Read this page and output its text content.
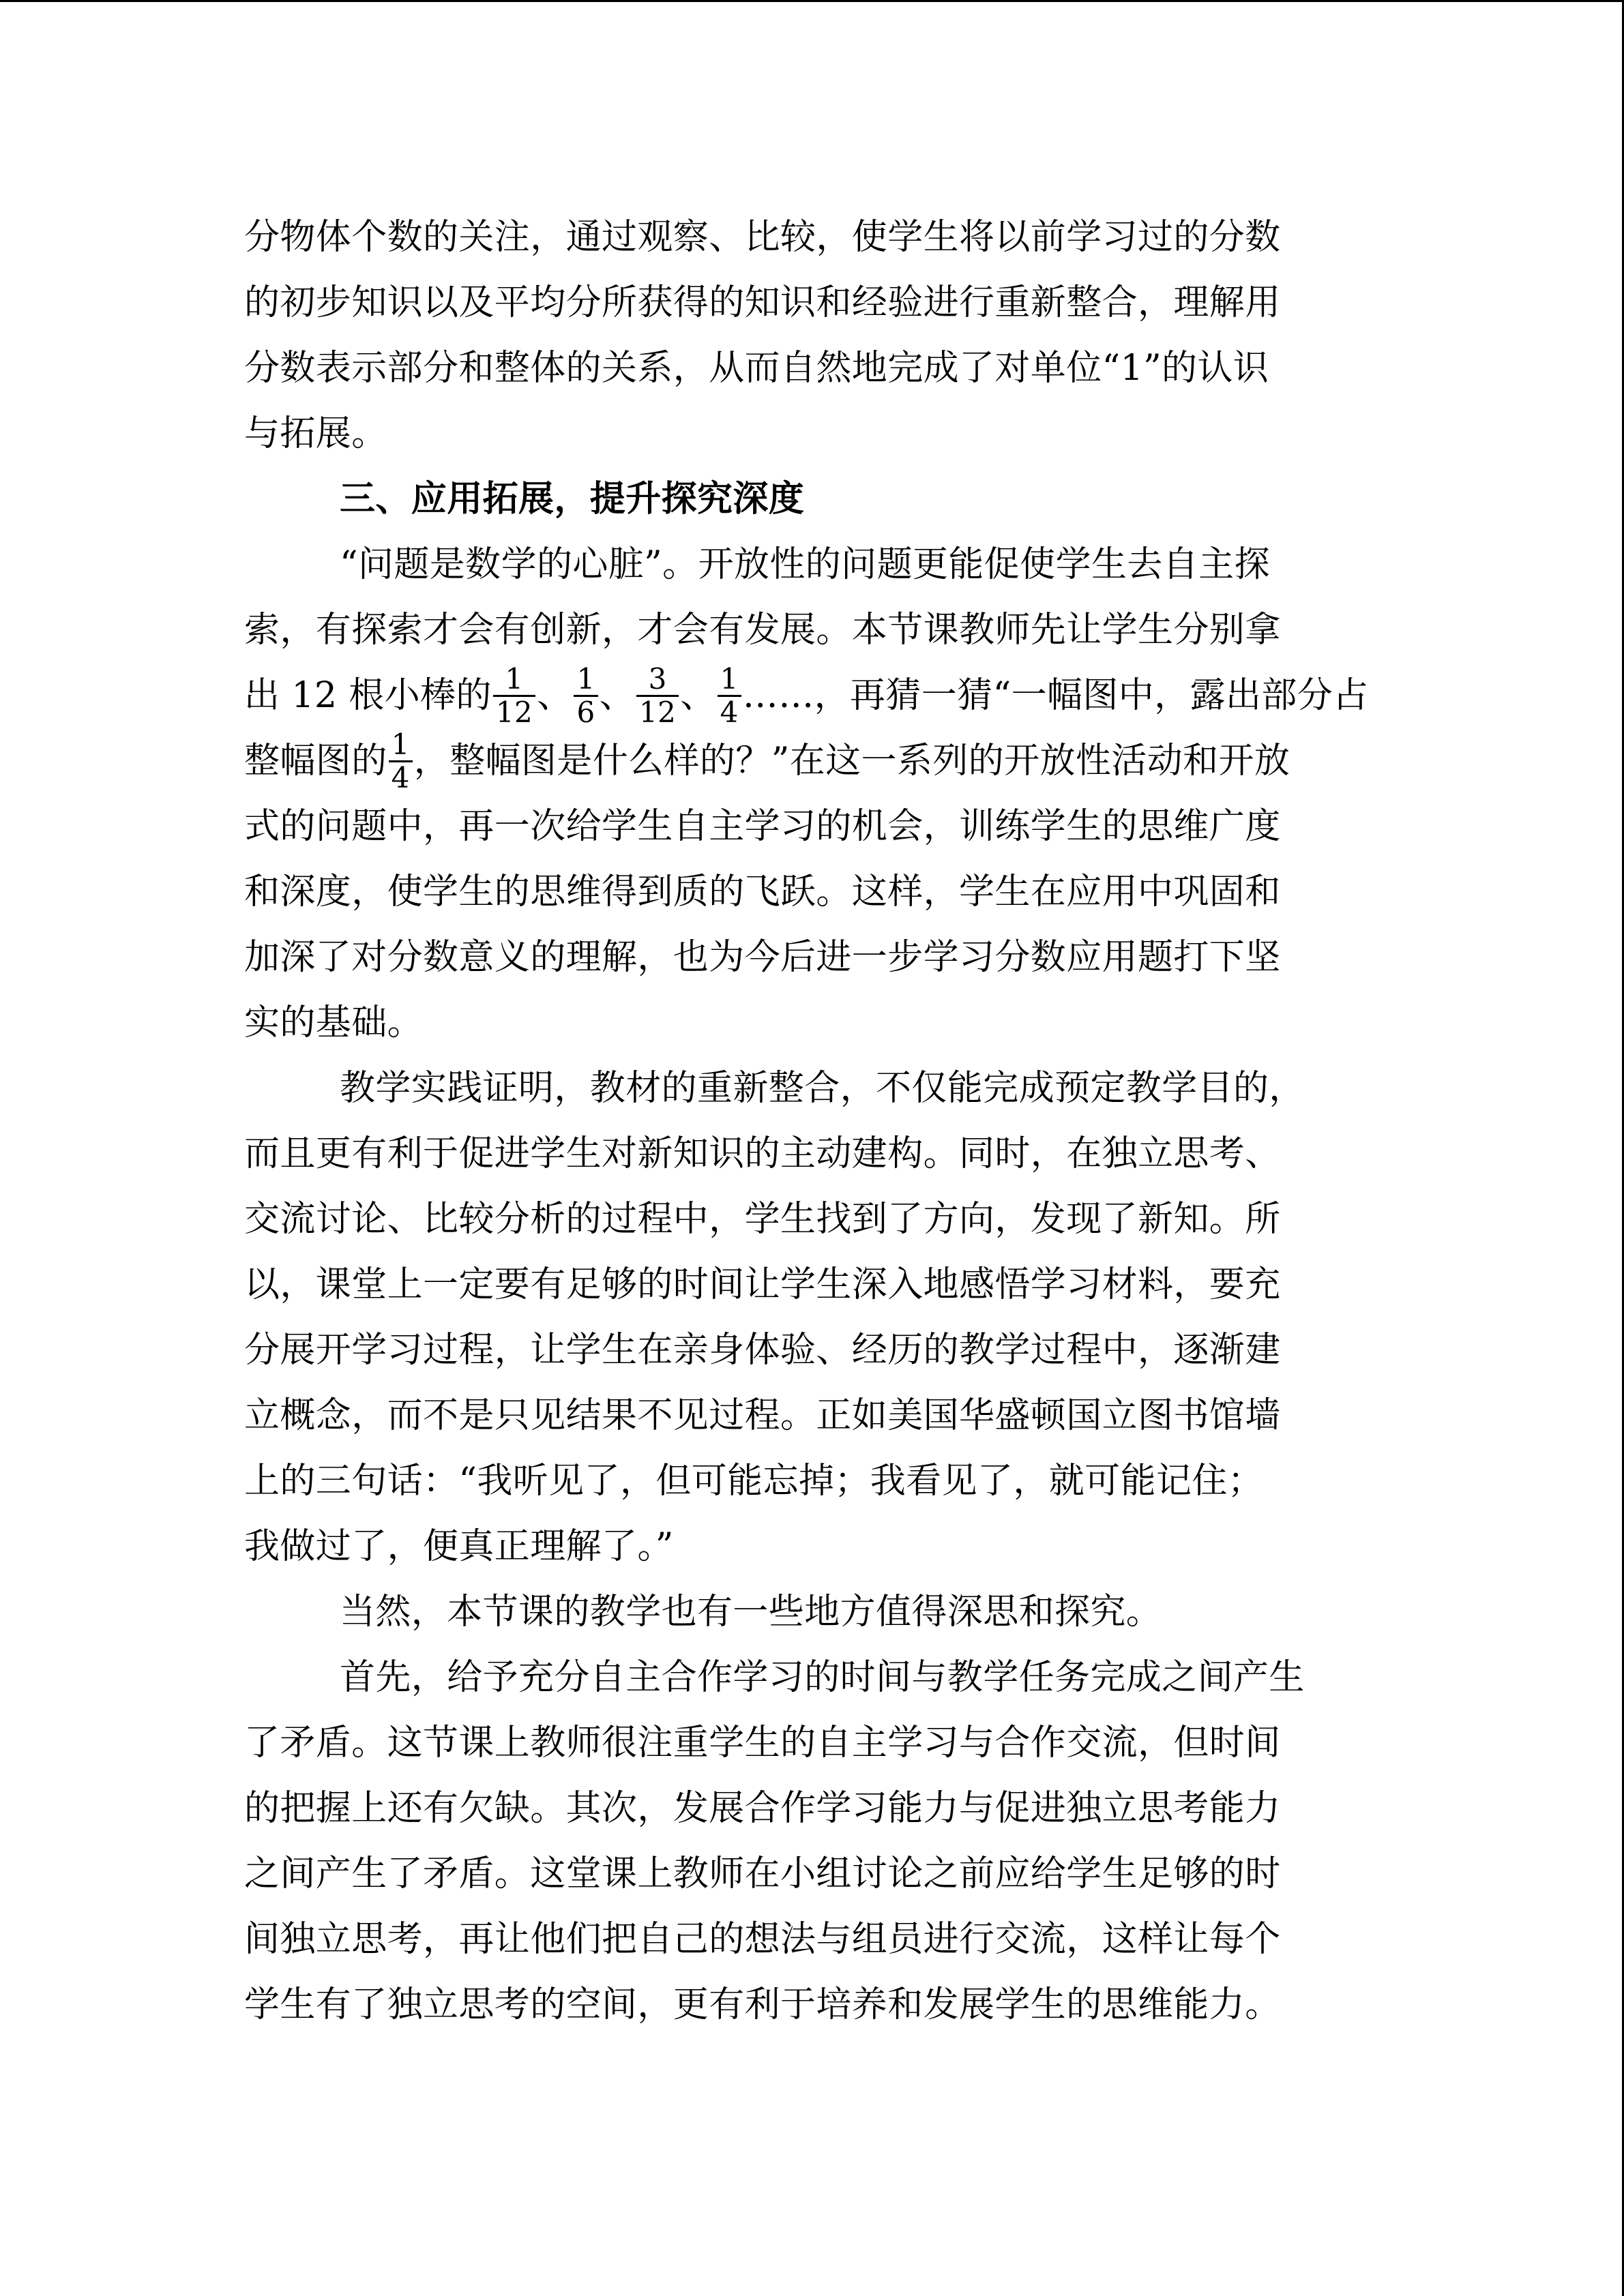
分物体个数的关注，通过观察、比较，使学生将以前学习过的分数
的初步知识以及平均分所获得的知识和经验进行重新整合，理解用
分数表示部分和整体的关系，从而自然地完成了对单位“1”的认识
与拓展。
三、应用拓展，提升探究深度
“问题是数学的心脏”。开放性的问题更能促使学生去自主探
索，有探索才会有创新，才会有发展。本节课教师先让学生分别拿
出 12 根小棒的 $\frac{1}{12}$ 、 $\frac{1}{6}$ 、 $\frac{3}{12}$ 、 $\frac{1}{4}$ ……，再猜一猜“一幅图中，露出部分占
整幅图的 $\frac{1}{4}$ ，整幅图是什么样的？”在这一系列的开放性活动和开放
式的问题中，再一次给学生自主学习的机会，训练学生的思维广度
和深度，使学生的思维得到质的飞跃。这样，学生在应用中巩固和
加深了对分数意义的理解，也为今后进一步学习分数应用题打下坚
实的基础。
教学实践证明，教材的重新整合，不仅能完成预定教学目的，
而且更有利于促进学生对新知识的主动建构。同时，在独立思考、
交流讨论、比较分析的过程中，学生找到了方向，发现了新知。所
以，课堂上一定要有足够的时间让学生深入地感悟学习材料，要充
分展开学习过程，让学生在亲身体验、经历的教学过程中，逐渐建
立概念，而不是只见结果不见过程。正如美国华盛顿国立图书馆墙
上的三句话：“我听见了，但可能忘掉；我看见了，就可能记住；
我做过了，便真正理解了。”
当然，本节课的教学也有一些地方值得深思和探究。
首先，给予充分自主合作学习的时间与教学任务完成之间产生
了矛盾。这节课上教师很注重学生的自主学习与合作交流，但时间
的把握上还有欠缺。其次，发展合作学习能力与促进独立思考能力
之间产生了矛盾。这堂课上教师在小组讨论之前应给学生足够的时
间独立思考，再让他们把自己的想法与组员进行交流，这样让每个
学生有了独立思考的空间，更有利于培养和发展学生的思维能力。
